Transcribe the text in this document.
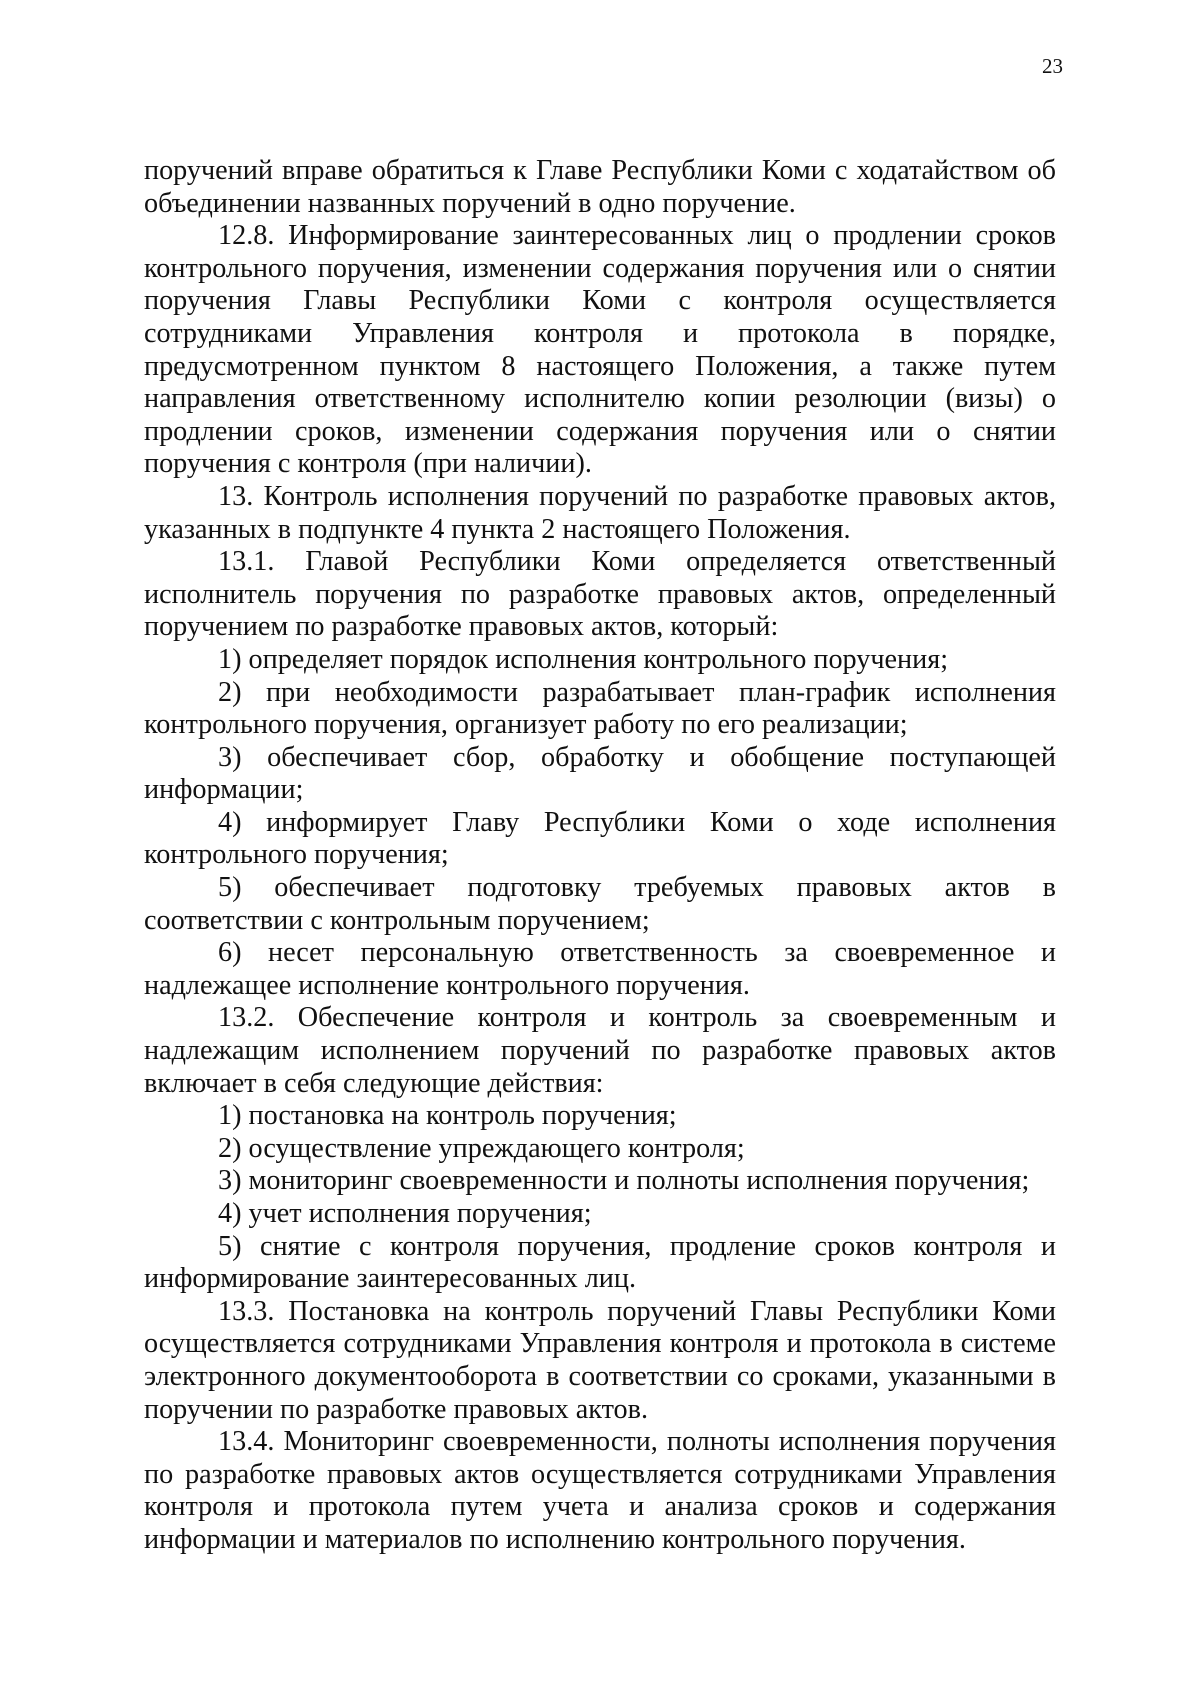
23

поручений вправе обратиться к Главе Республики Коми с ходатайством об объединении названных поручений в одно поручение.

12.8. Информирование заинтересованных лиц о продлении сроков контрольного поручения, изменении содержания поручения или о снятии поручения Главы Республики Коми с контроля осуществляется сотрудниками Управления контроля и протокола в порядке, предусмотренном пунктом 8 настоящего Положения, а также путем направления ответственному исполнителю копии резолюции (визы) о продлении сроков, изменении содержания поручения или о снятии поручения с контроля (при наличии).

13. Контроль исполнения поручений по разработке правовых актов, указанных в подпункте 4 пункта 2 настоящего Положения.

13.1. Главой Республики Коми определяется ответственный исполнитель поручения по разработке правовых актов, определенный поручением по разработке правовых актов, который:

1) определяет порядок исполнения контрольного поручения;

2) при необходимости разрабатывает план-график исполнения контрольного поручения, организует работу по его реализации;

3) обеспечивает сбор, обработку и обобщение поступающей информации;

4) информирует Главу Республики Коми о ходе исполнения контрольного поручения;

5) обеспечивает подготовку требуемых правовых актов в соответствии с контрольным поручением;

6) несет персональную ответственность за своевременное и надлежащее исполнение контрольного поручения.

13.2. Обеспечение контроля и контроль за своевременным и надлежащим исполнением поручений по разработке правовых актов включает в себя следующие действия:

1) постановка на контроль поручения;

2) осуществление упреждающего контроля;

3) мониторинг своевременности и полноты исполнения поручения;

4) учет исполнения поручения;

5) снятие с контроля поручения, продление сроков контроля и информирование заинтересованных лиц.

13.3. Постановка на контроль поручений Главы Республики Коми осуществляется сотрудниками Управления контроля и протокола в системе электронного документооборота в соответствии со сроками, указанными в поручении по разработке правовых актов.

13.4. Мониторинг своевременности, полноты исполнения поручения по разработке правовых актов осуществляется сотрудниками Управления контроля и протокола путем учета и анализа сроков и содержания информации и материалов по исполнению контрольного поручения.
